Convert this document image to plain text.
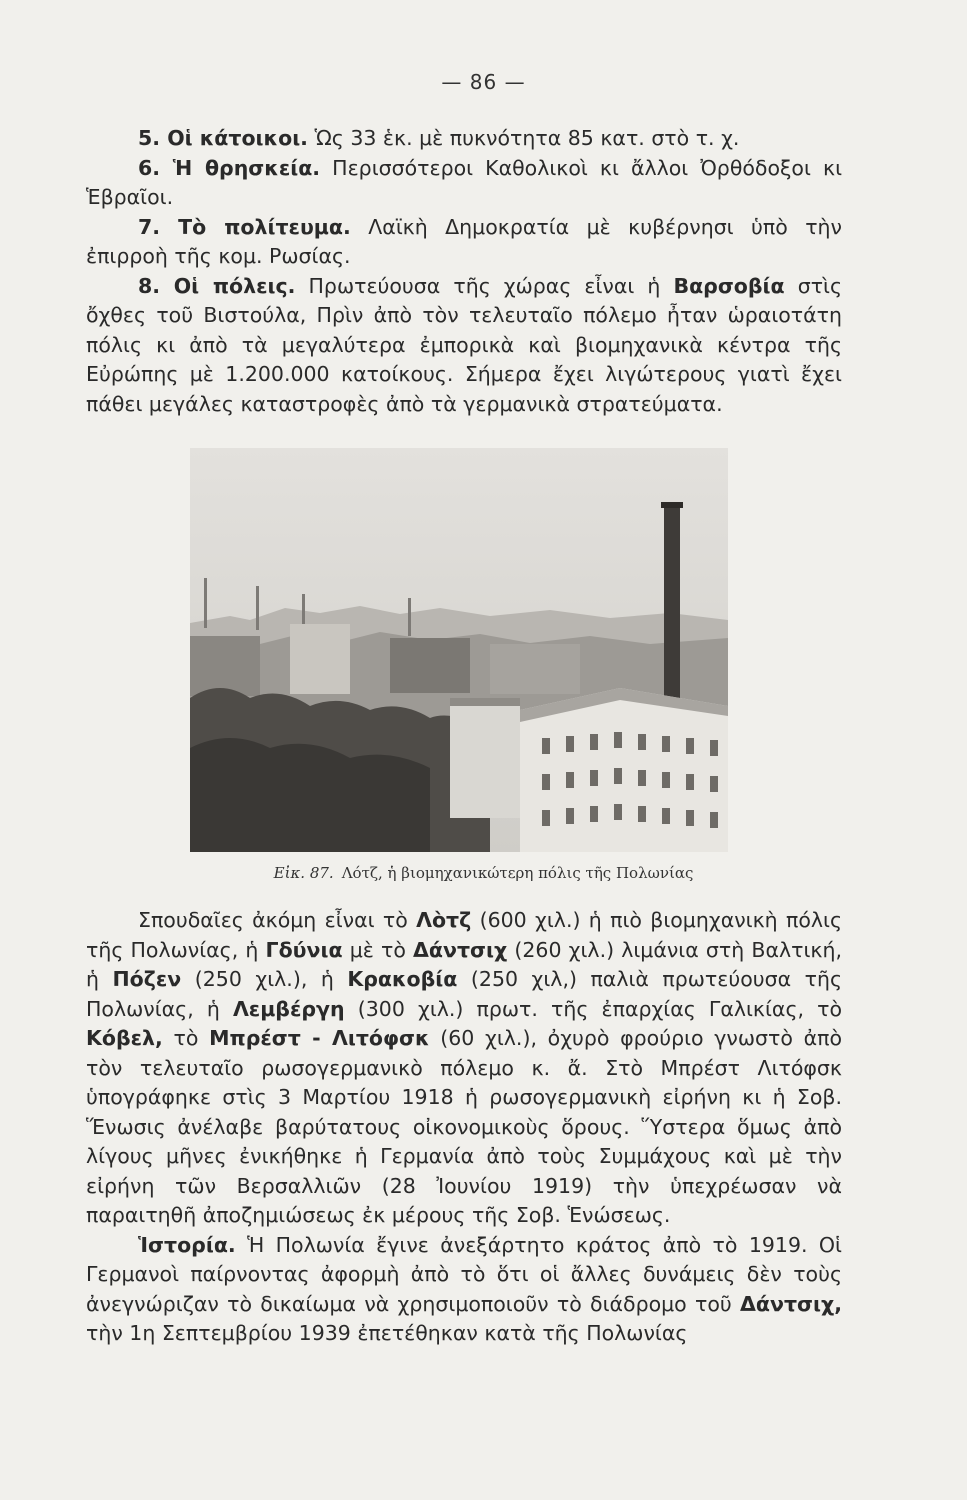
— 86 —

5. Οἱ κάτοικοι. Ὡς 33 ἑκ. μὲ πυκνότητα 85 κατ. στὸ τ. χ.

6. Ἡ θρησκεία. Περισσότεροι Καθολικοὶ κι ἄλλοι Ὀρθόδοξοι κι Ἑβραῖοι.

7. Τὸ πολίτευμα. Λαϊκὴ Δημοκρατία μὲ κυβέρνησι ὑπὸ τὴν ἐπιρροὴ τῆς κομ. Ρωσίας.

8. Οἱ πόλεις. Πρωτεύουσα τῆς χώρας εἶναι ἡ Βαρσοβία στὶς ὄχθες τοῦ Βιστούλα, Πρὶν ἀπὸ τὸν τελευταῖο πόλεμο ἦταν ὡραιοτάτη πόλις κι ἀπὸ τὰ μεγαλύτερα ἐμπορικὰ καὶ βιομηχανικὰ κέντρα τῆς Εὐρώπης μὲ 1.200.000 κατοίκους. Σήμερα ἔχει λιγώτερους γιατὶ ἔχει πάθει μεγάλες καταστροφὲς ἀπὸ τὰ γερμανικὰ στρατεύματα.

Εἰκ. 87. Λότζ, ἡ βιομηχανικώτερη πόλις τῆς Πολωνίας

Σπουδαῖες ἀκόμη εἶναι τὸ Λὸτζ (600 χιλ.) ἡ πιὸ βιομηχανικὴ πόλις τῆς Πολωνίας, ἡ Γδύνια μὲ τὸ Δάντσιχ (260 χιλ.) λιμάνια στὴ Βαλτική, ἡ Πόζεν (250 χιλ.), ἡ Κρακοβία (250 χιλ,) παλιὰ πρωτεύουσα τῆς Πολωνίας, ἡ Λεμβέργη (300 χιλ.) πρωτ. τῆς ἐπαρχίας Γαλικίας, τὸ Κόβελ, τὸ Μπρέστ - Λιτόφσκ (60 χιλ.), ὀχυρὸ φρούριο γνωστὸ ἀπὸ τὸν τελευταῖο ρωσογερμανικὸ πόλεμο κ. ἄ. Στὸ Μπρέστ Λιτόφσκ ὑπογράφηκε στὶς 3 Μαρτίου 1918 ἡ ρωσογερμανικὴ εἰρήνη κι ἡ Σοβ. Ἕνωσις ἀνέλαβε βαρύτατους οἰκονομικοὺς ὅρους. Ὕστερα ὅμως ἀπὸ λίγους μῆνες ἐνικήθηκε ἡ Γερμανία ἀπὸ τοὺς Συμμάχους καὶ μὲ τὴν εἰρήνη τῶν Βερσαλλιῶν (28 Ἰουνίου 1919) τὴν ὑπεχρέωσαν νὰ παραιτηθῆ ἀποζημιώσεως ἐκ μέρους τῆς Σοβ. Ἑνώσεως.

Ἱστορία. Ἡ Πολωνία ἔγινε ἀνεξάρτητο κράτος ἀπὸ τὸ 1919. Οἱ Γερμανοὶ παίρνοντας ἀφορμὴ ἀπὸ τὸ ὅτι οἱ ἄλλες δυνάμεις δὲν τοὺς ἀνεγνώριζαν τὸ δικαίωμα νὰ χρησιμοποιοῦν τὸ διάδρομο τοῦ Δάντσιχ, τὴν 1η Σεπτεμβρίου 1939 ἐπετέθηκαν κατὰ τῆς Πολωνίας
